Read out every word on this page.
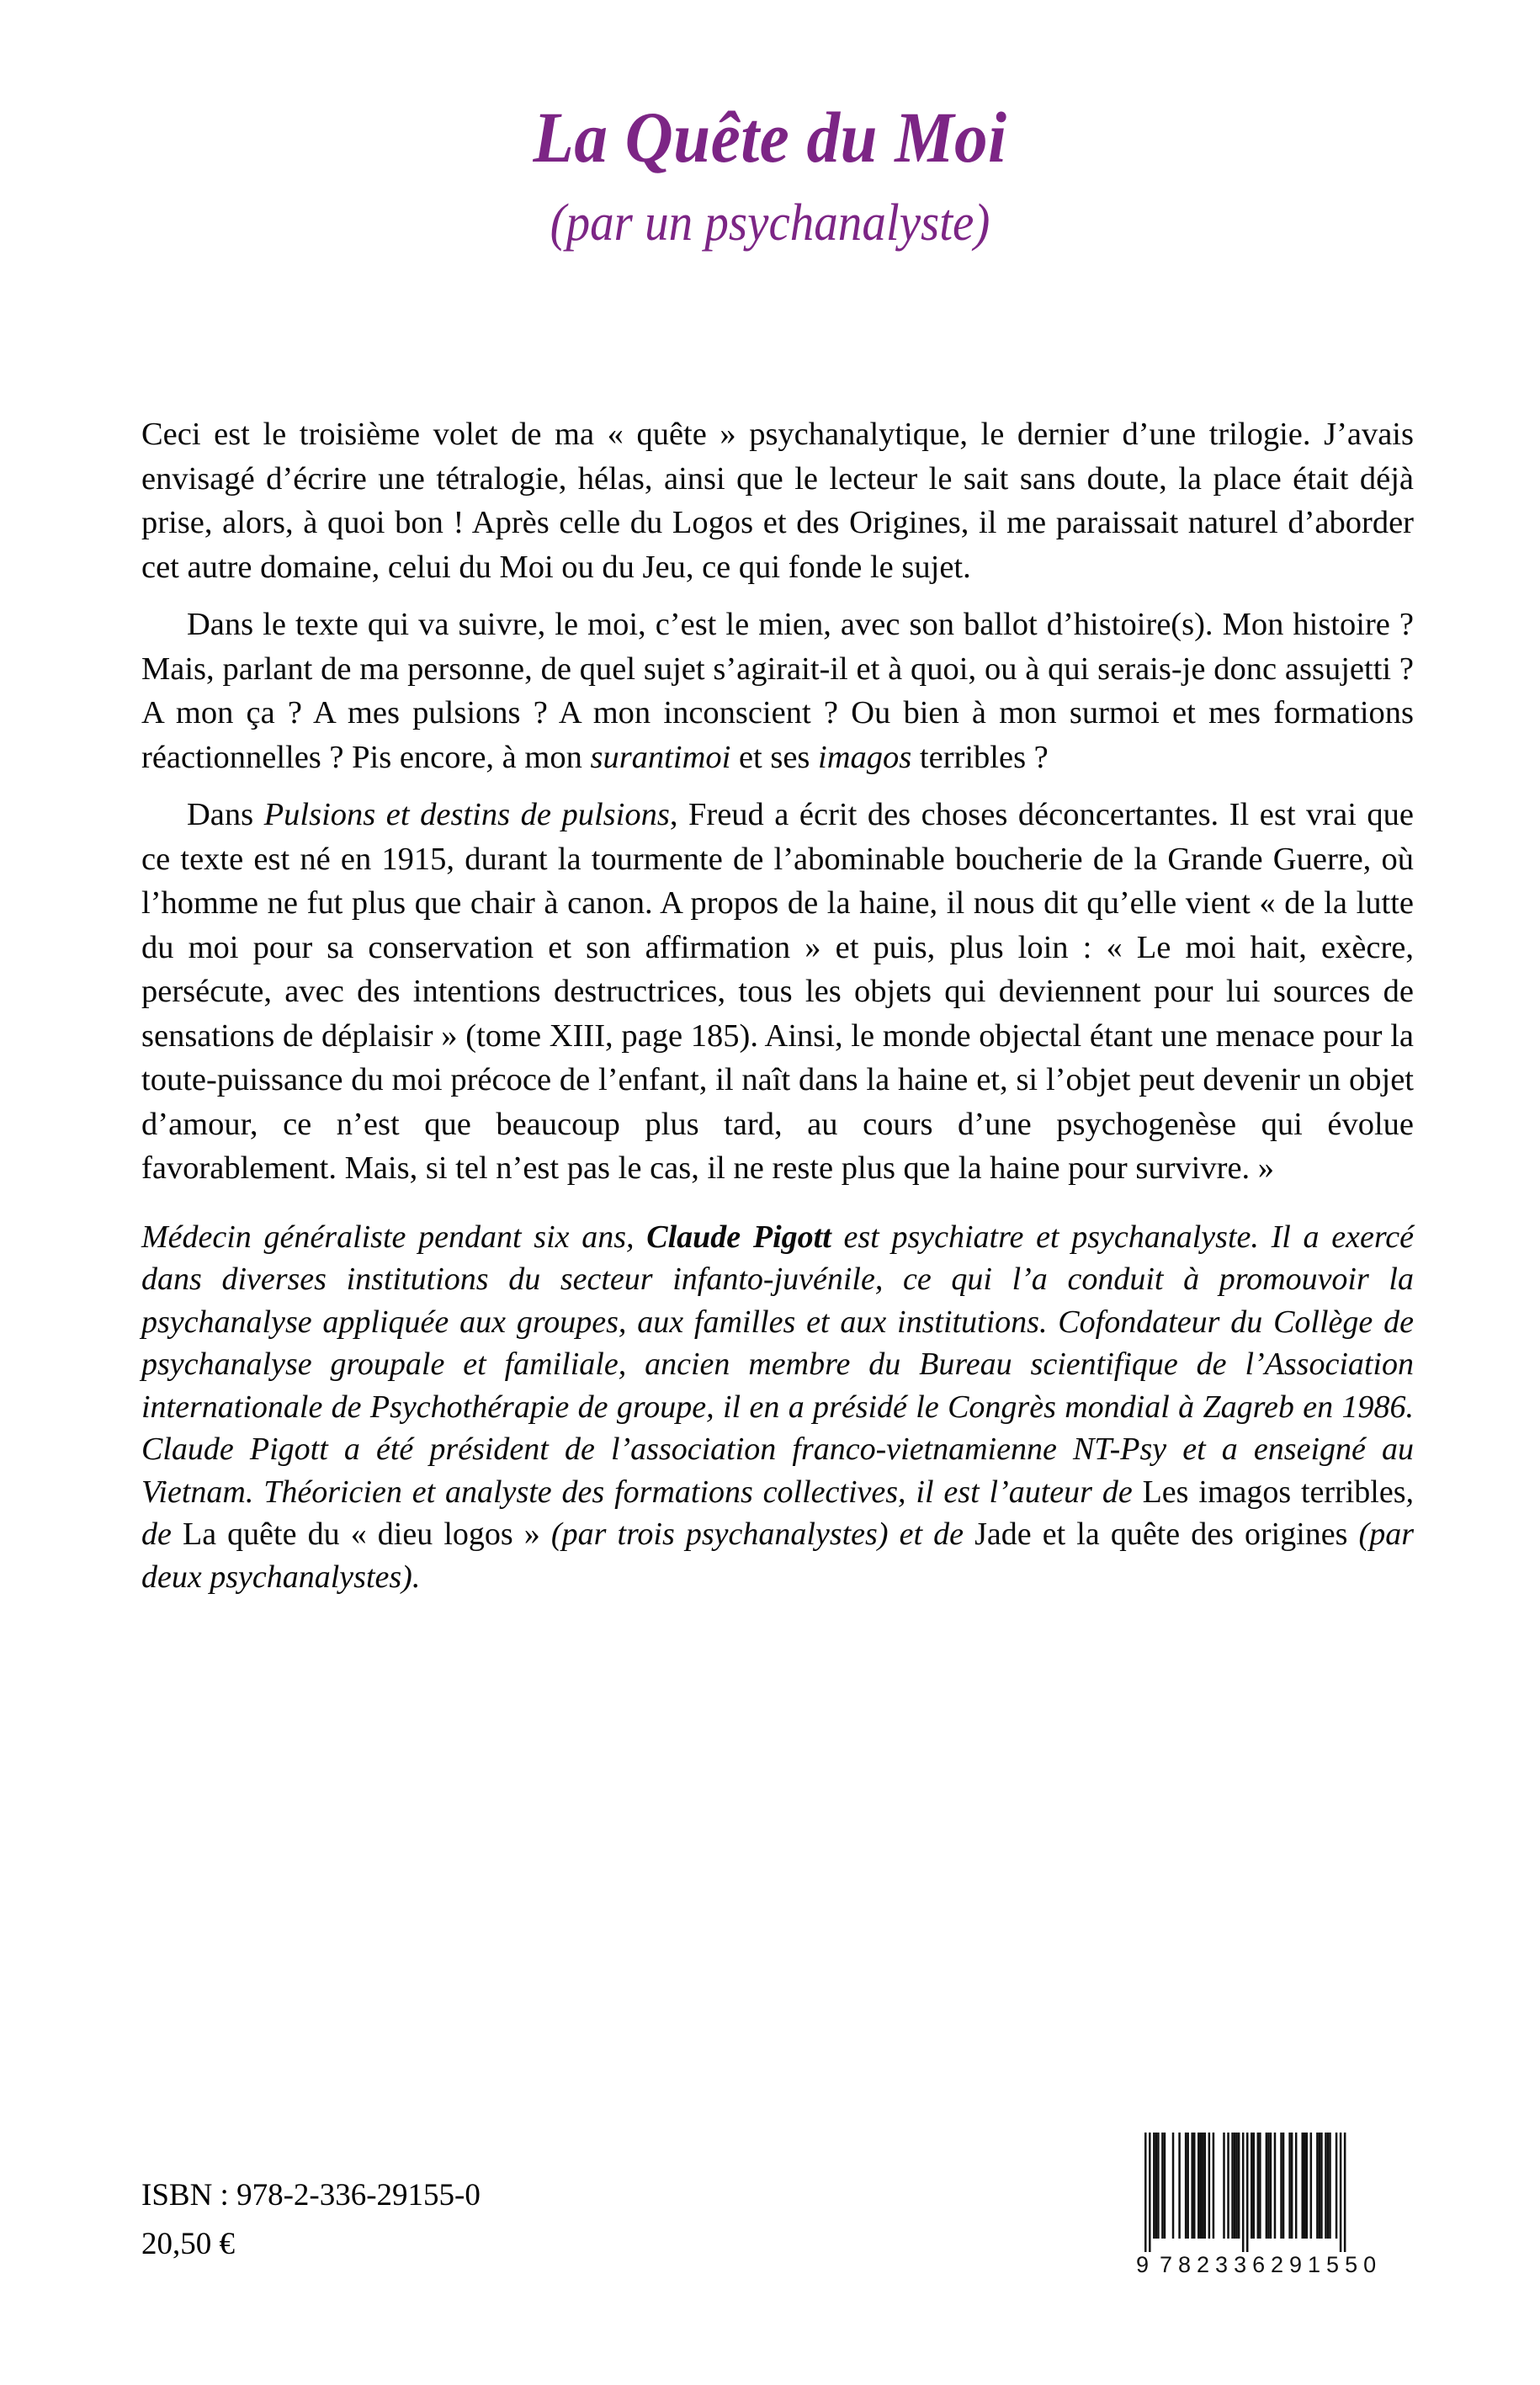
La Quête du Moi
(par un psychanalyste)

Ceci est le troisième volet de ma « quête » psychanalytique, le dernier d’une trilogie. J’avais envisagé d’écrire une tétralogie, hélas, ainsi que le lecteur le sait sans doute, la place était déjà prise, alors, à quoi bon ! Après celle du Logos et des Origines, il me paraissait naturel d’aborder cet autre domaine, celui du Moi ou du Jeu, ce qui fonde le sujet.

Dans le texte qui va suivre, le moi, c’est le mien, avec son ballot d’histoire(s). Mon histoire ? Mais, parlant de ma personne, de quel sujet s’agirait-il et à quoi, ou à qui serais-je donc assujetti ? A mon ça ? A mes pulsions ? A mon inconscient ? Ou bien à mon surmoi et mes formations réactionnelles ? Pis encore, à mon surantimoi et ses imagos terribles ?

Dans Pulsions et destins de pulsions, Freud a écrit des choses déconcertantes. Il est vrai que ce texte est né en 1915, durant la tourmente de l’abominable boucherie de la Grande Guerre, où l’homme ne fut plus que chair à canon. A propos de la haine, il nous dit qu’elle vient « de la lutte du moi pour sa conservation et son affirmation » et puis, plus loin : « Le moi hait, exècre, persécute, avec des intentions destructrices, tous les objets qui deviennent pour lui sources de sensations de déplaisir » (tome XIII, page 185). Ainsi, le monde objectal étant une menace pour la toute-puissance du moi précoce de l’enfant, il naît dans la haine et, si l’objet peut devenir un objet d’amour, ce n’est que beaucoup plus tard, au cours d’une psychogenèse qui évolue favorablement. Mais, si tel n’est pas le cas, il ne reste plus que la haine pour survivre. »

Médecin généraliste pendant six ans, Claude Pigott est psychiatre et psychanalyste. Il a exercé dans diverses institutions du secteur infanto-juvénile, ce qui l’a conduit à promouvoir la psychanalyse appliquée aux groupes, aux familles et aux institutions. Cofondateur du Collège de psychanalyse groupale et familiale, ancien membre du Bureau scientifique de l’Association internationale de Psychothérapie de groupe, il en a présidé le Congrès mondial à Zagreb en 1986. Claude Pigott a été président de l’association franco-vietnamienne NT-Psy et a enseigné au Vietnam. Théoricien et analyste des formations collectives, il est l’auteur de Les imagos terribles, de La quête du « dieu logos » (par trois psychanalystes) et de Jade et la quête des origines (par deux psychanalystes).

ISBN : 978-2-336-29155-0
20,50 €
9 782336 291550
